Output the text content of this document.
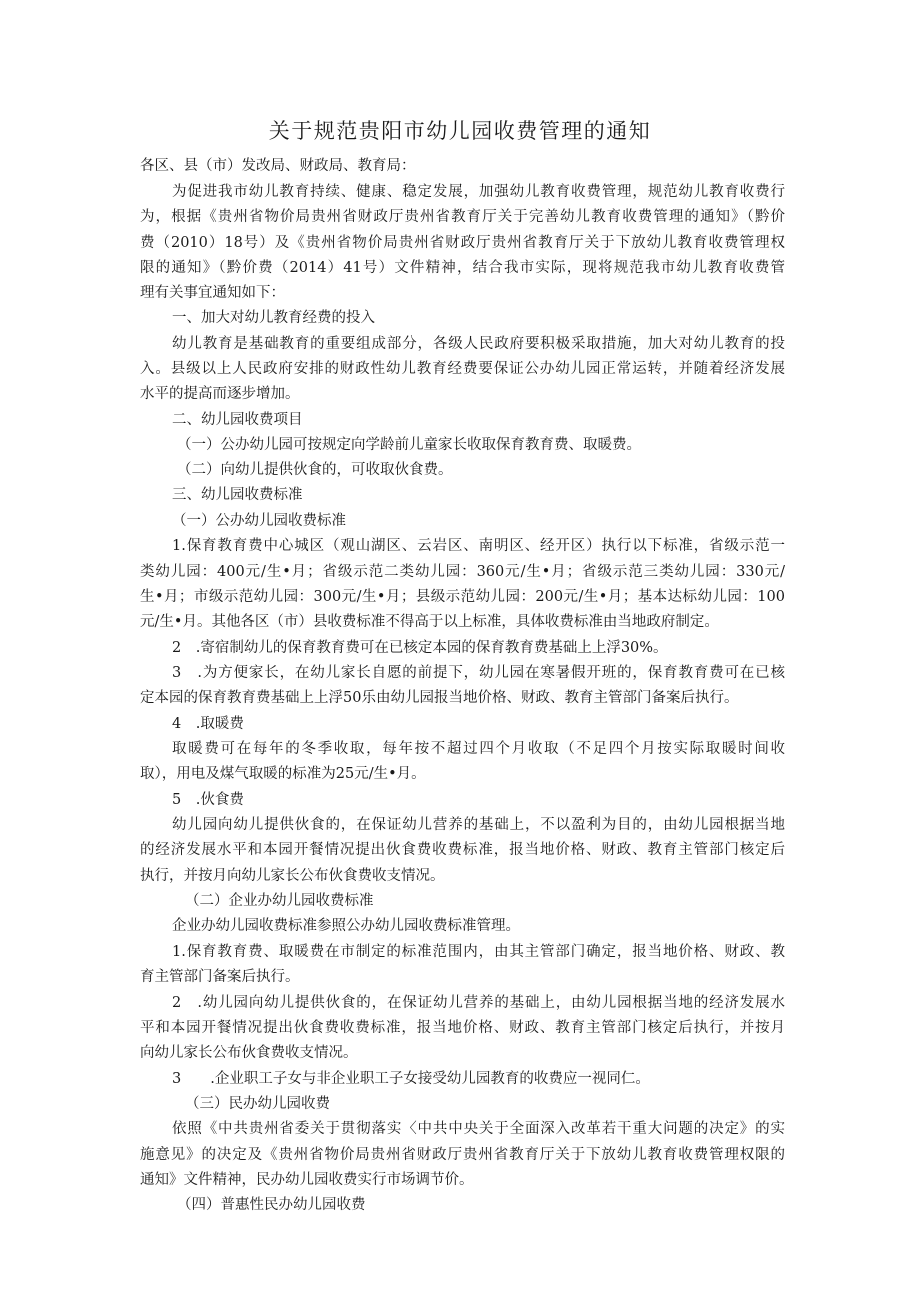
关于规范贵阳市幼儿园收费管理的通知
各区、县（市）发改局、财政局、教育局：
为促进我市幼儿教育持续、健康、稳定发展，加强幼儿教育收费管理，规范幼儿教育收费行
为，根据《贵州省物价局贵州省财政厅贵州省教育厅关于完善幼儿教育收费管理的通知》（黔价
费（2010）18号）及《贵州省物价局贵州省财政厅贵州省教育厅关于下放幼儿教育收费管理权
限的通知》（黔价费（2014）41号）文件精神，结合我市实际，现将规范我市幼儿教育收费管
理有关事宜通知如下：
一、加大对幼儿教育经费的投入
幼儿教育是基础教育的重要组成部分，各级人民政府要积极采取措施，加大对幼儿教育的投
入。县级以上人民政府安排的财政性幼儿教育经费要保证公办幼儿园正常运转，并随着经济发展
水平的提高而逐步增加。
二、幼儿园收费项目
（一）公办幼儿园可按规定向学龄前儿童家长收取保育教育费、取暖费。
（二）向幼儿提供伙食的，可收取伙食费。
三、幼儿园收费标准
（一）公办幼儿园收费标准
1.保育教育费中心城区（观山湖区、云岩区、南明区、经开区）执行以下标准，省级示范一
类幼儿园：400元/生•月；省级示范二类幼儿园：360元/生•月；省级示范三类幼儿园：330元/
生•月；市级示范幼儿园：300元/生•月；县级示范幼儿园：200元/生•月；基本达标幼儿园：100
元/生•月。其他各区（市）县收费标准不得高于以上标准，具体收费标准由当地政府制定。
2　.寄宿制幼儿的保育教育费可在已核定本园的保育教育费基础上上浮30%。
3　.为方便家长，在幼儿家长自愿的前提下，幼儿园在寒暑假开班的，保育教育费可在已核
定本园的保育教育费基础上上浮50乐由幼儿园报当地价格、财政、教育主管部门备案后执行。
4　.取暖费
取暖费可在每年的冬季收取，每年按不超过四个月收取（不足四个月按实际取暖时间收
取），用电及煤气取暖的标准为25元/生•月。
5　.伙食费
幼儿园向幼儿提供伙食的，在保证幼儿营养的基础上，不以盈利为目的，由幼儿园根据当地
的经济发展水平和本园开餐情况提出伙食费收费标准，报当地价格、财政、教育主管部门核定后
执行，并按月向幼儿家长公布伙食费收支情况。
（二）企业办幼儿园收费标准
企业办幼儿园收费标准参照公办幼儿园收费标准管理。
1.保育教育费、取暖费在市制定的标准范围内，由其主管部门确定，报当地价格、财政、教
育主管部门备案后执行。
2　.幼儿园向幼儿提供伙食的，在保证幼儿营养的基础上，由幼儿园根据当地的经济发展水
平和本园开餐情况提出伙食费收费标准，报当地价格、财政、教育主管部门核定后执行，并按月
向幼儿家长公布伙食费收支情况。
3　　.企业职工子女与非企业职工子女接受幼儿园教育的收费应一视同仁。
（三）民办幼儿园收费
依照《中共贵州省委关于贯彻落实〈中共中央关于全面深入改革若干重大问题的决定》的实
施意见》的决定及《贵州省物价局贵州省财政厅贵州省教育厅关于下放幼儿教育收费管理权限的
通知》文件精神，民办幼儿园收费实行市场调节价。
（四）普惠性民办幼儿园收费
